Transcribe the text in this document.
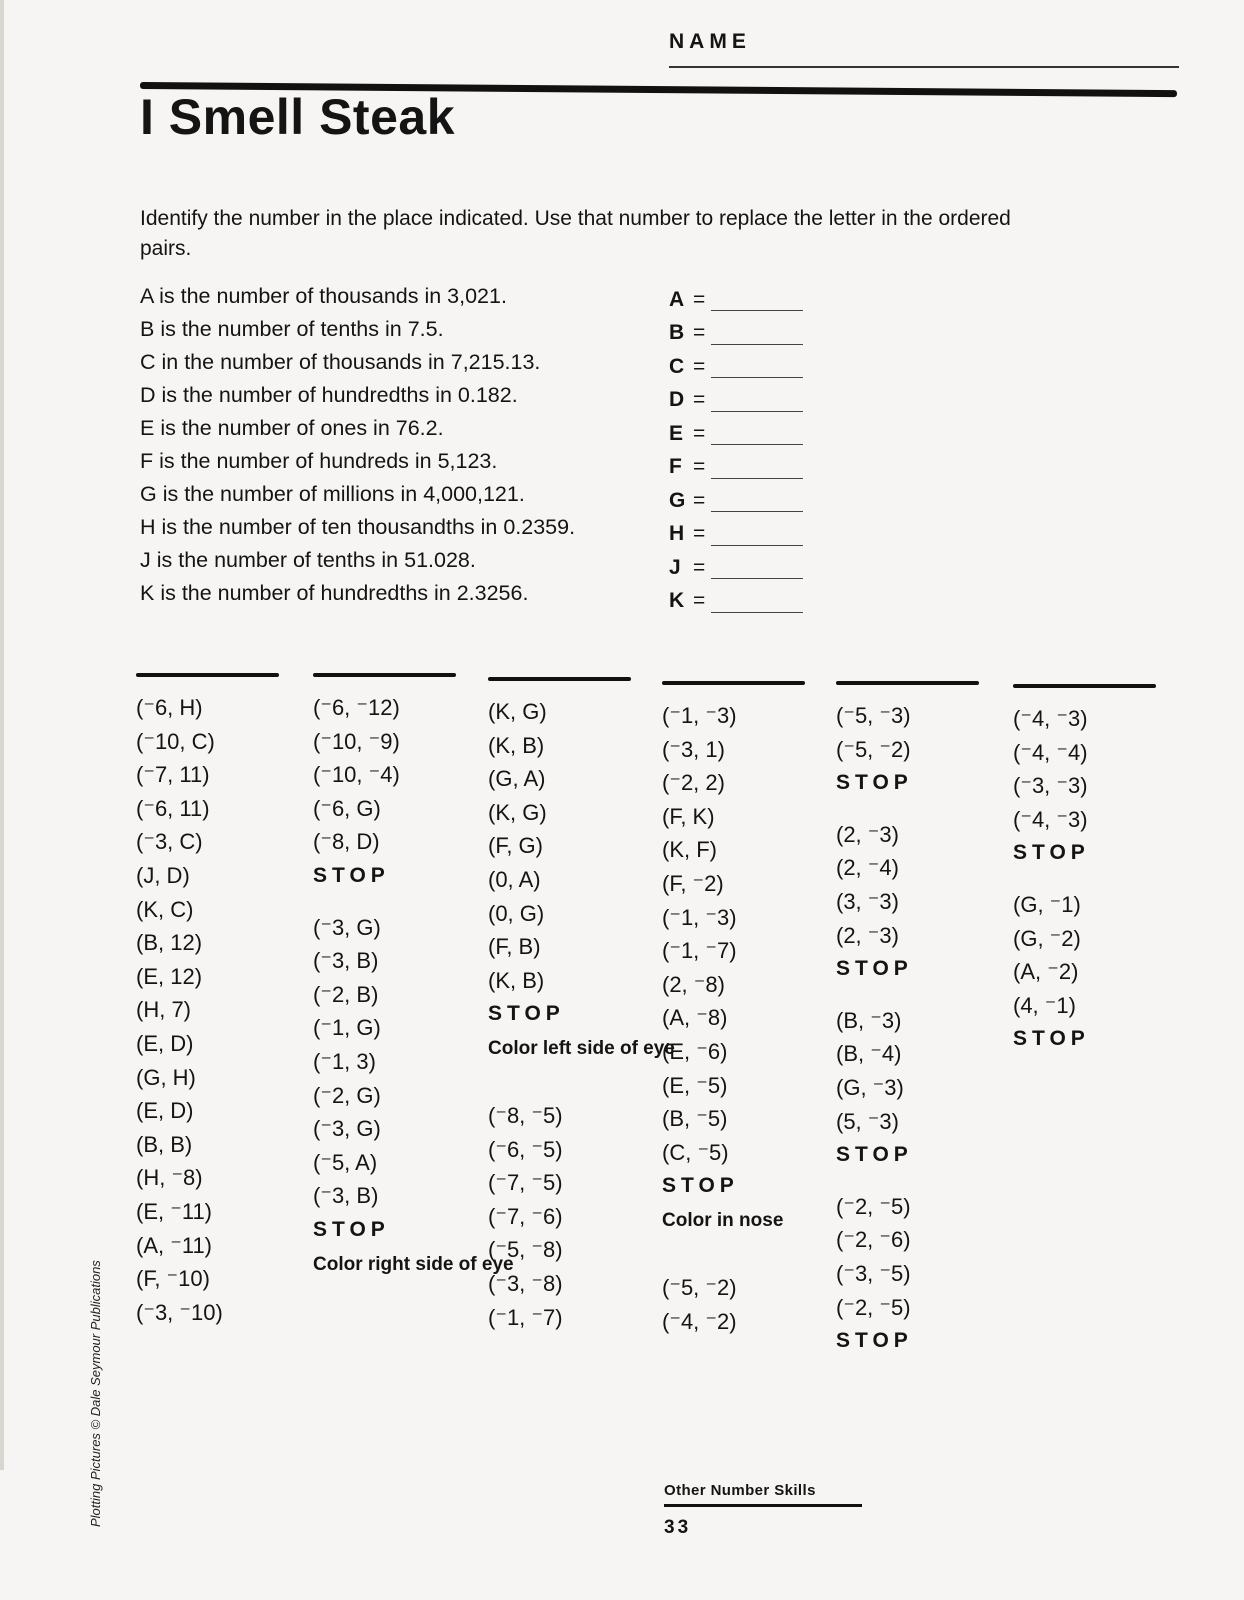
NAME
I Smell Steak
Identify the number in the place indicated. Use that number to replace the letter in the ordered pairs.
A is the number of thousands in 3,021.
B is the number of tenths in 7.5.
C in the number of thousands in 7,215.13.
D is the number of hundredths in 0.182.
E is the number of ones in 76.2.
F is the number of hundreds in 5,123.
G is the number of millions in 4,000,121.
H is the number of ten thousandths in 0.2359.
J is the number of tenths in 51.028.
K is the number of hundredths in 2.3256.
A =
B =
C =
D =
E =
F =
G =
H =
J =
K =
(⁻6, H)
(⁻10, C)
(⁻7, 11)
(⁻6, 11)
(⁻3, C)
(J, D)
(K, C)
(B, 12)
(E, 12)
(H, 7)
(E, D)
(G, H)
(E, D)
(B, B)
(H, ⁻8)
(E, ⁻11)
(A, ⁻11)
(F, ⁻10)
(⁻3, ⁻10)
(⁻6, ⁻12)
(⁻10, ⁻9)
(⁻10, ⁻4)
(⁻6, G)
(⁻8, D)
STOP
(⁻3, G)
(⁻3, B)
(⁻2, B)
(⁻1, G)
(⁻1, 3)
(⁻2, G)
(⁻3, G)
(⁻5, A)
(⁻3, B)
STOP
Color right side of eye
(K, G)
(K, B)
(G, A)
(K, G)
(F, G)
(0, A)
(0, G)
(F, B)
(K, B)
STOP
Color left side of eye
(⁻8, ⁻5)
(⁻6, ⁻5)
(⁻7, ⁻5)
(⁻7, ⁻6)
(⁻5, ⁻8)
(⁻3, ⁻8)
(⁻1, ⁻7)
(⁻1, ⁻3)
(⁻3, 1)
(⁻2, 2)
(F, K)
(K, F)
(F, ⁻2)
(⁻1, ⁻3)
(⁻1, ⁻7)
(2, ⁻8)
(A, ⁻8)
(E, ⁻6)
(E, ⁻5)
(B, ⁻5)
(C, ⁻5)
STOP
Color in nose
(⁻5, ⁻2)
(⁻4, ⁻2)
(⁻5, ⁻3)
(⁻5, ⁻2)
STOP
(2, ⁻3)
(2, ⁻4)
(3, ⁻3)
(2, ⁻3)
STOP
(B, ⁻3)
(B, ⁻4)
(G, ⁻3)
(5, ⁻3)
STOP
(⁻2, ⁻5)
(⁻2, ⁻6)
(⁻3, ⁻5)
(⁻2, ⁻5)
STOP
(⁻4, ⁻3)
(⁻4, ⁻4)
(⁻3, ⁻3)
(⁻4, ⁻3)
STOP
(G, ⁻1)
(G, ⁻2)
(A, ⁻2)
(4, ⁻1)
STOP
Plotting Pictures © Dale Seymour Publications	Other Number Skills
33
